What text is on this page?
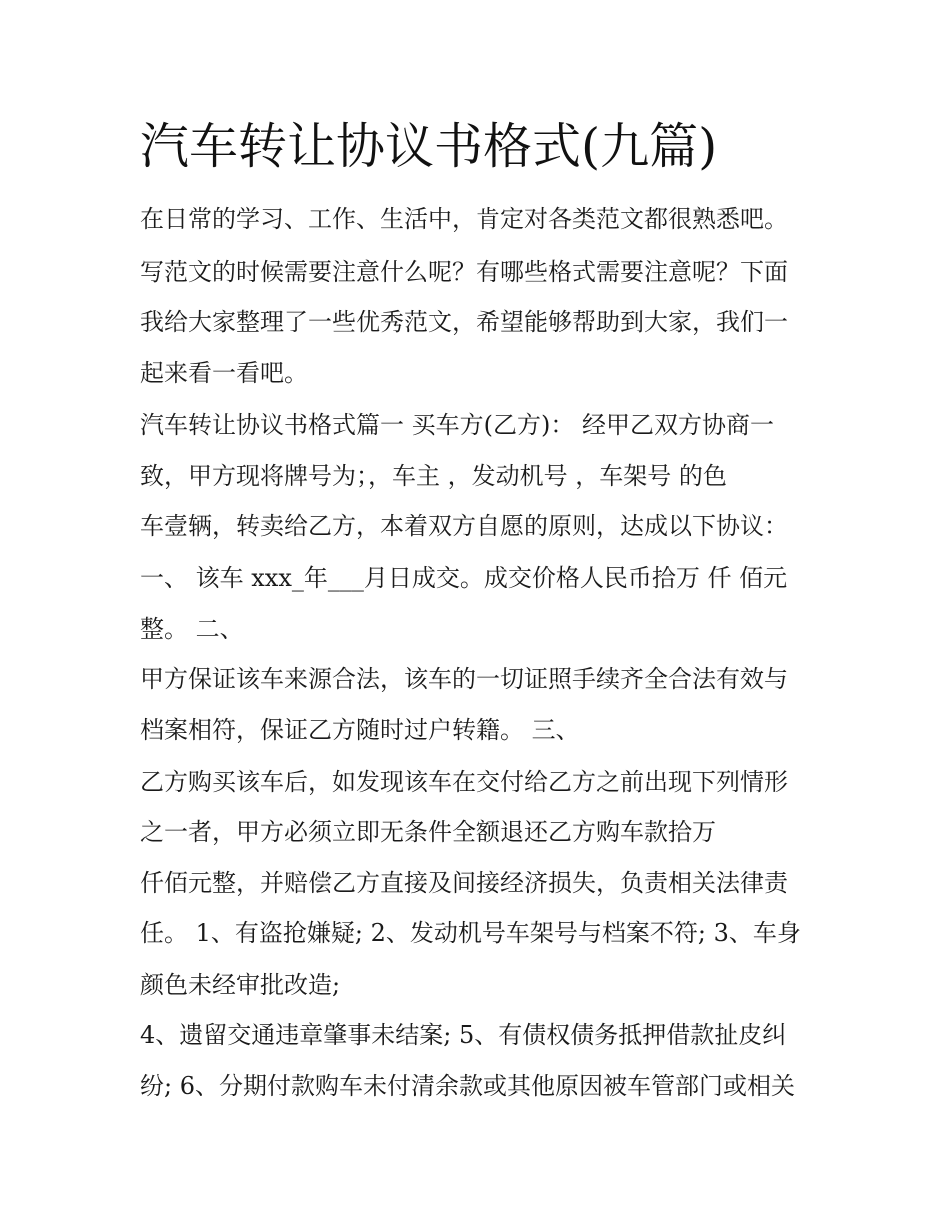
汽车转让协议书格式(九篇)

在日常的学习、工作、生活中，肯定对各类范文都很熟悉吧。

写范文的时候需要注意什么呢？有哪些格式需要注意呢？下面

我给大家整理了一些优秀范文，希望能够帮助到大家，我们一

起来看一看吧。

汽车转让协议书格式篇一 买车方(乙方)： 经甲乙双方协商一

致，甲方现将牌号为；，车主 ，发动机号 ，车架号 的色

车壹辆，转卖给乙方，本着双方自愿的原则，达成以下协议：

一、 该车 xxx_年___月日成交。成交价格人民币拾万 仟 佰元

整。 二、

甲方保证该车来源合法，该车的一切证照手续齐全合法有效与

档案相符，保证乙方随时过户转籍。 三、

乙方购买该车后，如发现该车在交付给乙方之前出现下列情形

之一者，甲方必须立即无条件全额退还乙方购车款拾万

仟佰元整，并赔偿乙方直接及间接经济损失，负责相关法律责

任。 1、有盗抢嫌疑; 2、发动机号车架号与档案不符; 3、车身

颜色未经审批改造;

4、遗留交通违章肇事未结案; 5、有债权债务抵押借款扯皮纠

纷; 6、分期付款购车未付清余款或其他原因被车管部门或相关
